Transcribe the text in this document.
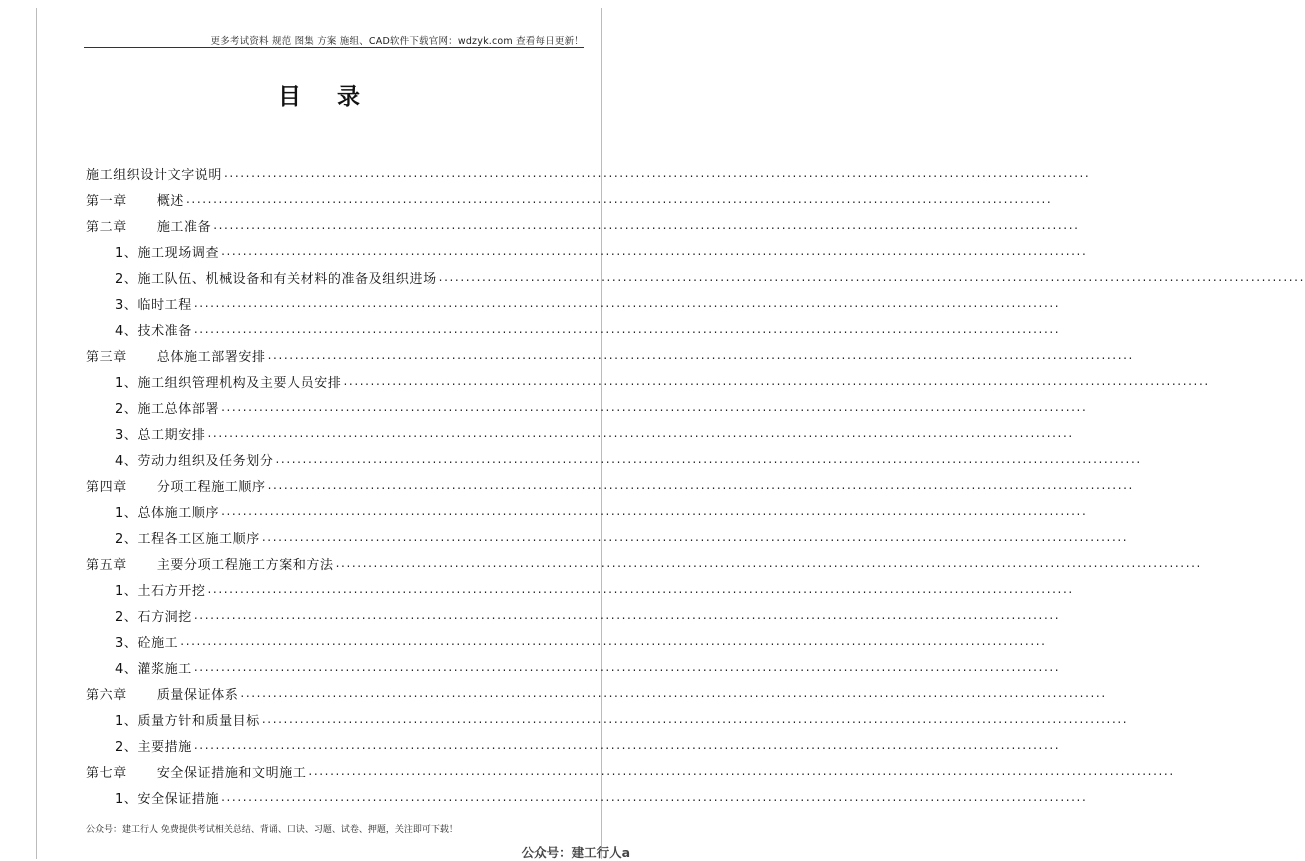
更多考试资料 规范 图集 方案 施组、CAD软件下载官网：wdzyk.com 查看每日更新！
目 录
施工组织设计文字说明 ................................................................................................................................................................
第一章 概述 ................................................................................................................................................................
第二章 施工准备 ................................................................................................................................................................
1、施工现场调查 ................................................................................................................................................................
2、施工队伍、机械设备和有关材料的准备及组织进场 ................................................................................................................................................................
3、临时工程 ................................................................................................................................................................
4、技术准备 ................................................................................................................................................................
第三章 总体施工部署安排 ................................................................................................................................................................
1、施工组织管理机构及主要人员安排 ................................................................................................................................................................
2、施工总体部署 ................................................................................................................................................................
3、总工期安排 ................................................................................................................................................................
4、劳动力组织及任务划分 ................................................................................................................................................................
第四章 分项工程施工顺序 ................................................................................................................................................................
1、总体施工顺序 ................................................................................................................................................................
2、工程各工区施工顺序 ................................................................................................................................................................
第五章 主要分项工程施工方案和方法 ................................................................................................................................................................
1、土石方开挖 ................................................................................................................................................................
2、石方洞挖 ................................................................................................................................................................
3、砼施工 ................................................................................................................................................................
4、灌浆施工 ................................................................................................................................................................
第六章 质量保证体系 ................................................................................................................................................................
1、质量方针和质量目标 ................................................................................................................................................................
2、主要措施 ................................................................................................................................................................
第七章 安全保证措施和文明施工 ................................................................................................................................................................
1、安全保证措施 ................................................................................................................................................................
公众号：建工行人 免费提供考试相关总结、背诵、口诀、习题、试卷、押题，关注即可下载！
公众号：建工行人a
